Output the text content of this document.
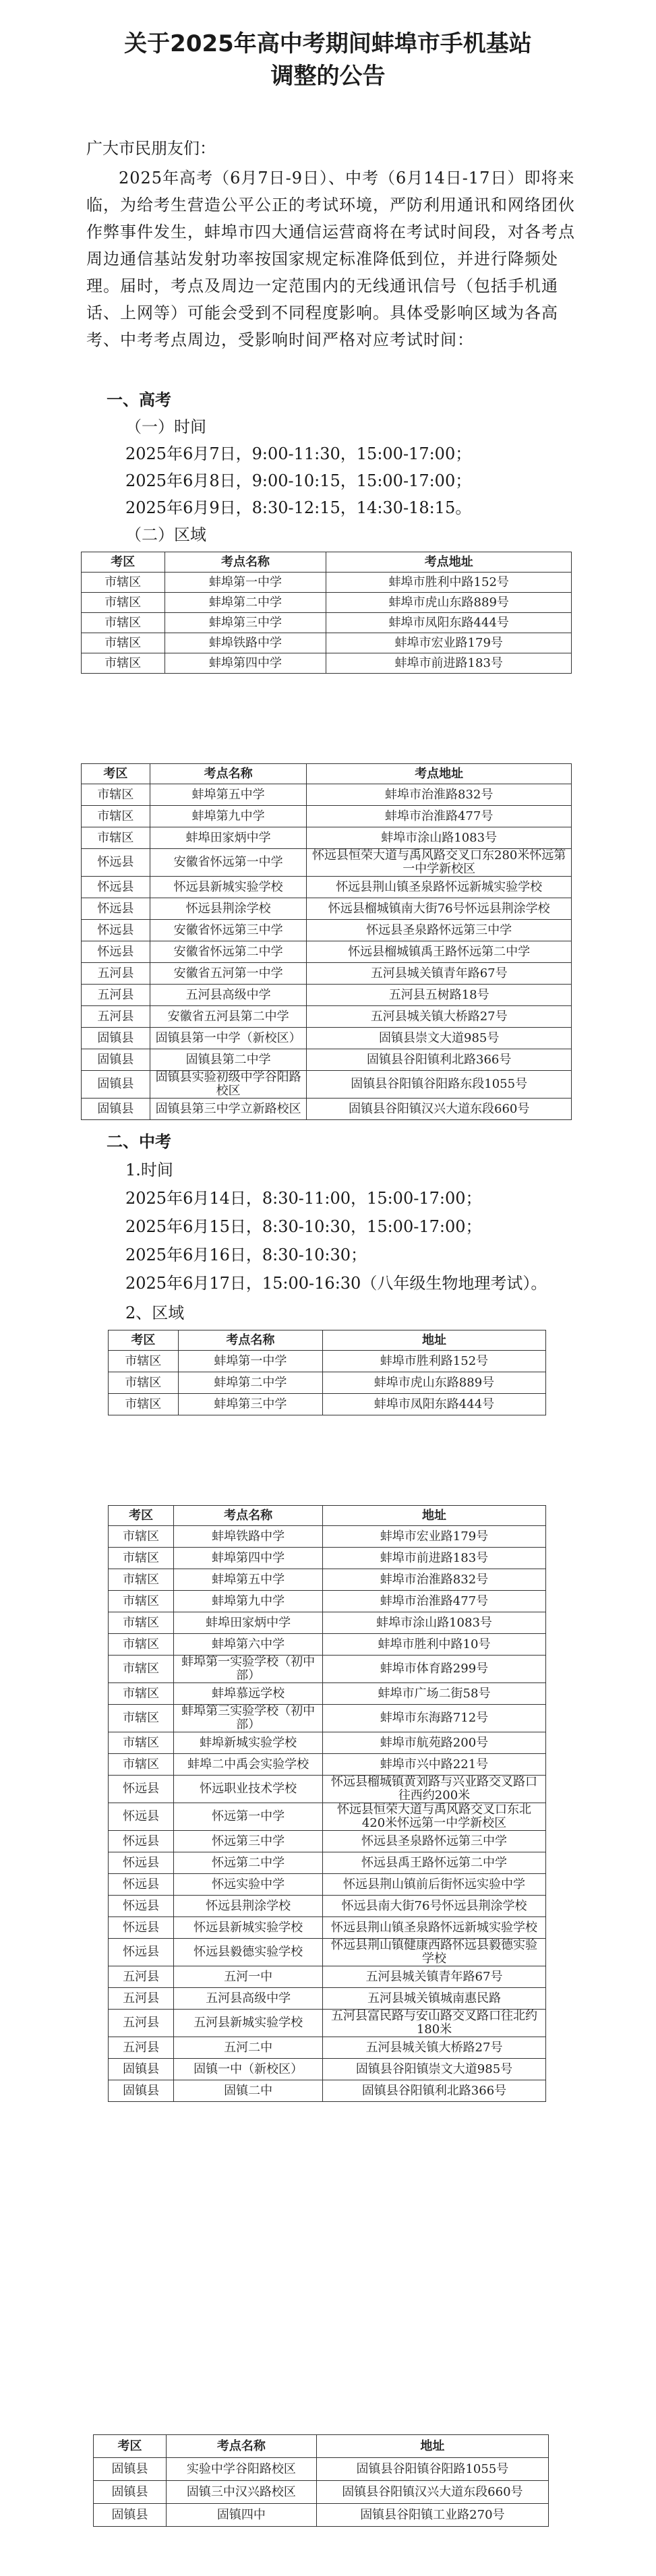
关于2025年高中考期间蚌埠市手机基站
调整的公告
广大市民朋友们：
2025年高考（6月7日-9日）、中考（6月14日-17日）即将来临，为给考生营造公平公正的考试环境，严防利用通讯和网络团伙作弊事件发生，蚌埠市四大通信运营商将在考试时间段，对各考点周边通信基站发射功率按国家规定标准降低到位，并进行降频处理。届时，考点及周边一定范围内的无线通讯信号（包括手机通话、上网等）可能会受到不同程度影响。具体受影响区域为各高考、中考考点周边，受影响时间严格对应考试时间：
一、高考
（一）时间
2025年6月7日，9:00-11:30，15:00-17:00；
2025年6月8日，9:00-10:15，15:00-17:00；
2025年6月9日，8:30-12:15，14:30-18:15。
（二）区域
考区	考点名称	考点地址
市辖区	蚌埠第一中学	蚌埠市胜利中路152号
市辖区	蚌埠第二中学	蚌埠市虎山东路889号
市辖区	蚌埠第三中学	蚌埠市凤阳东路444号
市辖区	蚌埠铁路中学	蚌埠市宏业路179号
市辖区	蚌埠第四中学	蚌埠市前进路183号
考区	考点名称	考点地址
市辖区	蚌埠第五中学	蚌埠市治淮路832号
市辖区	蚌埠第九中学	蚌埠市治淮路477号
市辖区	蚌埠田家炳中学	蚌埠市涂山路1083号
怀远县	安徽省怀远第一中学	怀远县恒荣大道与禹风路交叉口东280米怀远第一中学新校区
怀远县	怀远县新城实验学校	怀远县荆山镇圣泉路怀远新城实验学校
怀远县	怀远县荆涂学校	怀远县榴城镇南大街76号怀远县荆涂学校
怀远县	安徽省怀远第三中学	怀远县圣泉路怀远第三中学
怀远县	安徽省怀远第二中学	怀远县榴城镇禹王路怀远第二中学
五河县	安徽省五河第一中学	五河县城关镇青年路67号
五河县	五河县高级中学	五河县五树路18号
五河县	安徽省五河县第二中学	五河县城关镇大桥路27号
固镇县	固镇县第一中学（新校区）	固镇县崇文大道985号
固镇县	固镇县第二中学	固镇县谷阳镇利北路366号
固镇县	固镇县实验初级中学谷阳路校区	固镇县谷阳镇谷阳路东段1055号
固镇县	固镇县第三中学立新路校区	固镇县谷阳镇汉兴大道东段660号
二、中考
1.时间
2025年6月14日，8:30-11:00，15:00-17:00；
2025年6月15日，8:30-10:30，15:00-17:00；
2025年6月16日，8:30-10:30；
2025年6月17日，15:00-16:30（八年级生物地理考试）。
2、区域
考区	考点名称	地址
市辖区	蚌埠第一中学	蚌埠市胜利路152号
市辖区	蚌埠第二中学	蚌埠市虎山东路889号
市辖区	蚌埠第三中学	蚌埠市凤阳东路444号
考区	考点名称	地址
市辖区	蚌埠铁路中学	蚌埠市宏业路179号
市辖区	蚌埠第四中学	蚌埠市前进路183号
市辖区	蚌埠第五中学	蚌埠市治淮路832号
市辖区	蚌埠第九中学	蚌埠市治淮路477号
市辖区	蚌埠田家炳中学	蚌埠市涂山路1083号
市辖区	蚌埠第六中学	蚌埠市胜利中路10号
市辖区	蚌埠第一实验学校（初中部）	蚌埠市体育路299号
市辖区	蚌埠慕远学校	蚌埠市广场二街58号
市辖区	蚌埠第三实验学校（初中部）	蚌埠市东海路712号
市辖区	蚌埠新城实验学校	蚌埠市航苑路200号
市辖区	蚌埠二中禹会实验学校	蚌埠市兴中路221号
怀远县	怀远职业技术学校	怀远县榴城镇黄刘路与兴业路交叉路口往西约200米
怀远县	怀远第一中学	怀远县恒荣大道与禹风路交叉口东北420米怀远第一中学新校区
怀远县	怀远第三中学	怀远县圣泉路怀远第三中学
怀远县	怀远第二中学	怀远县禹王路怀远第二中学
怀远县	怀远实验中学	怀远县荆山镇前后街怀远实验中学
怀远县	怀远县荆涂学校	怀远县南大街76号怀远县荆涂学校
怀远县	怀远县新城实验学校	怀远县荆山镇圣泉路怀远新城实验学校
怀远县	怀远县毅德实验学校	怀远县荆山镇健康西路怀远县毅德实验学校
五河县	五河一中	五河县城关镇青年路67号
五河县	五河县高级中学	五河县城关镇城南惠民路
五河县	五河县新城实验学校	五河县富民路与安山路交叉路口往北约180米
五河县	五河二中	五河县城关镇大桥路27号
固镇县	固镇一中（新校区）	固镇县谷阳镇崇文大道985号
固镇县	固镇二中	固镇县谷阳镇利北路366号
考区	考点名称	地址
固镇县	实验中学谷阳路校区	固镇县谷阳镇谷阳路1055号
固镇县	固镇三中汉兴路校区	固镇县谷阳镇汉兴大道东段660号
固镇县	固镇四中	固镇县谷阳镇工业路270号
